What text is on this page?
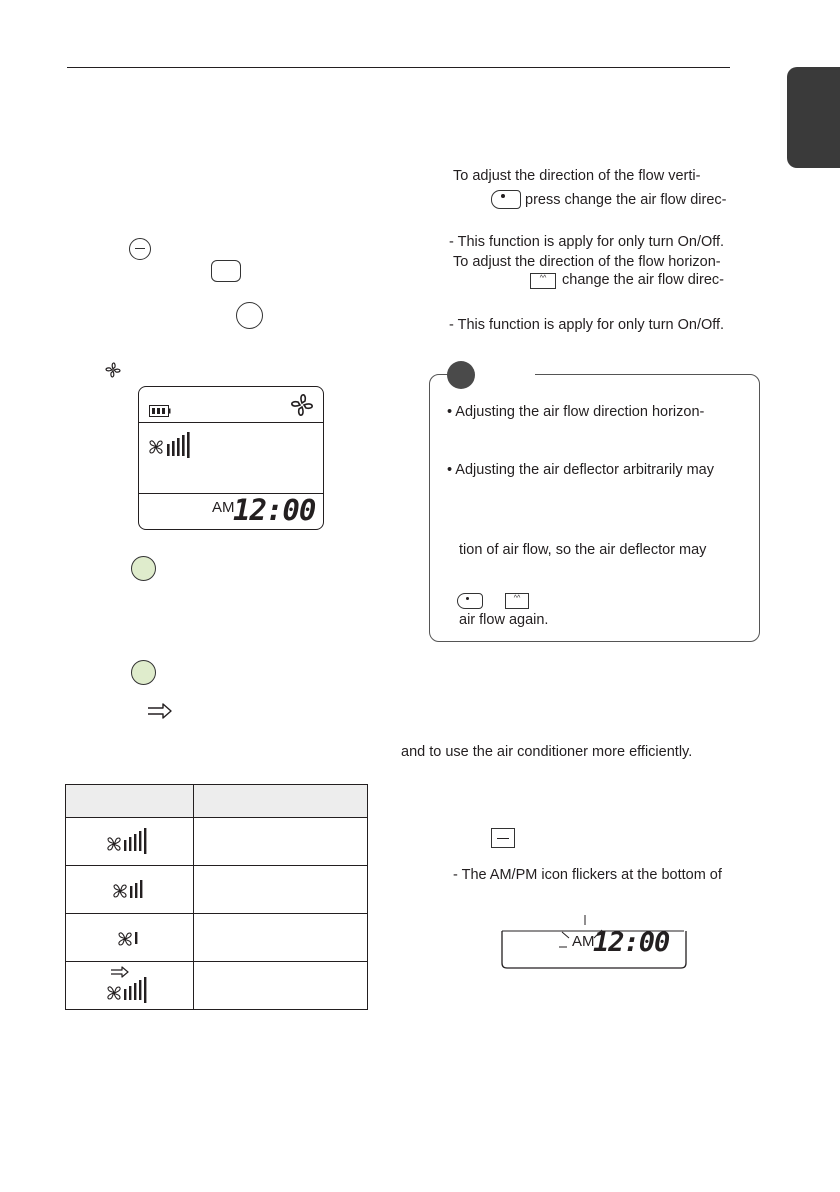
AM
12:00

To adjust the direction of the flow verti-
press change the air flow direc-
- This function is apply for only turn On/Off.
To adjust the direction of the flow horizon-
^^	change the air flow direc-
- This function is apply for only turn On/Off.
• Adjusting the air flow direction horizon-
• Adjusting the air deflector arbitrarily may
tion of air flow, so the air deflector may
^^
air flow again.
and to use the air conditioner more efficiently.
- The AM/PM icon flickers at the bottom of
AM
12:00
